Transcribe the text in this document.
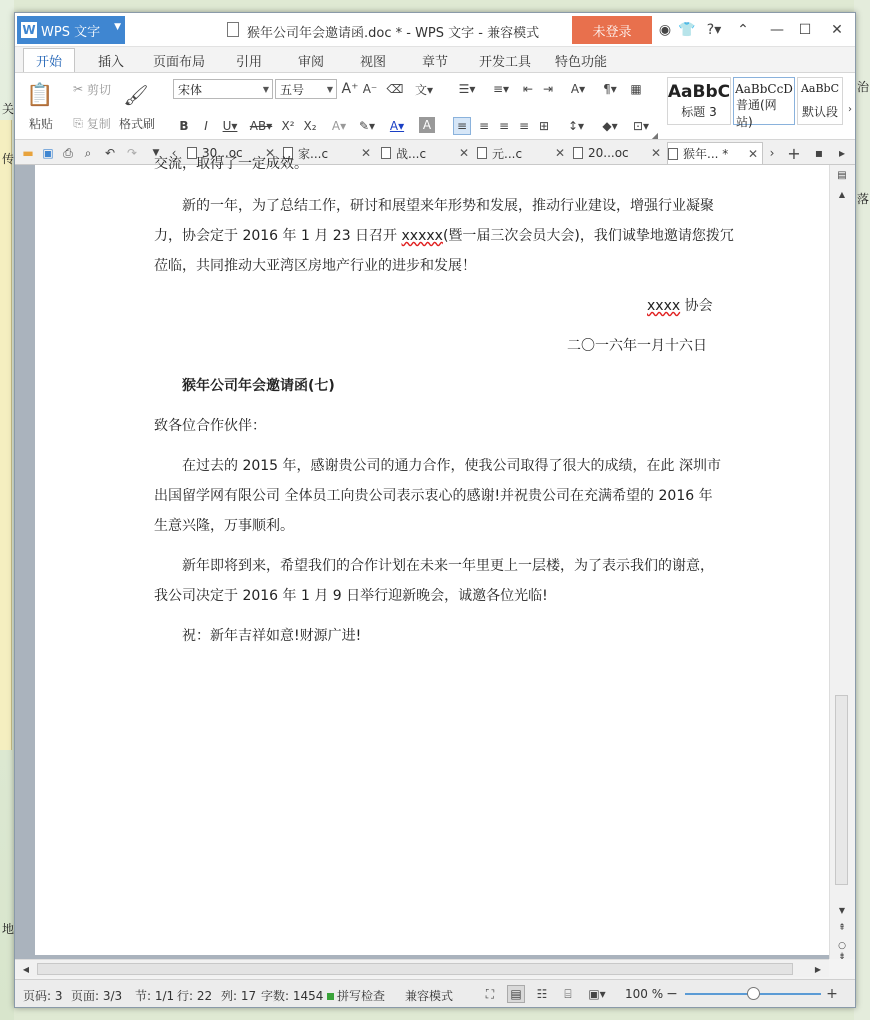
关
传
地
治
落
W WPS 文字 ▼	猴年公司年会邀请函.doc * - WPS 文字 - 兼容模式	未登录	◉ 👕 ?▾	⌃ — ☐ ✕
开始	插入	页面布局	引用	审阅	视图	章节	开发工具	特色功能
📋
粘贴
✂
剪切
⎘
复制
🖌
格式刷
宋体	▼ 五号	▼ A⁺ A⁻ ⌫ 文▾
B	I	U▾ AB▾ X² X₂	A▾	✎▾	A▾	A
☰▾	≡▾	⇤ ⇥	A▾	¶▾	▦
≡ ≡ ≡ ≡ ⊞	↕▾	◆▾	⊡▾
◢
AaBbC
标题 3
AaBbCcD
普通(网站)
AaBbC
默认段	›
▬ ▣ ⎙ ⌕	↶ ↷	▼	‹	30...oc ✕ 家...c	✕ 战...c	✕ 元...c	✕ 20...oc ✕ 猴年... * ✕ › +	▪	▸
交流，取得了一定成效。
新的一年，为了总结工作，研讨和展望来年形势和发展，推动行业建设，增强行业凝聚
力，协会定于 2016 年 1 月 23 日召开 xxxxx(暨一届三次会员大会)，我们诚挚地邀请您拨冗
莅临，共同推动大亚湾区房地产行业的进步和发展！
xxxx 协会
二〇一六年一月十六日
猴年公司年会邀请函(七)
致各位合作伙伴：
在过去的 2015 年，感谢贵公司的通力合作，使我公司取得了很大的成绩，在此 深圳市
出国留学网有限公司 全体员工向贵公司表示衷心的感谢!并祝贵公司在充满希望的 2016 年
生意兴隆，万事顺利。
新年即将到来，希望我们的合作计划在未来一年里更上一层楼，为了表示我们的谢意，
我公司决定于 2016 年 1 月 9 日举行迎新晚会，诚邀各位光临!
祝：新年吉祥如意!财源广进!
▤
▲
▼
⇞
○
⇟
◀	▶
页码: 3 页面: 3/3 节: 1/1 行: 22 列: 17 字数: 1454	拼写检查 兼容模式	⛶	▤	☷	⌸	▣▾	100 % −	+
